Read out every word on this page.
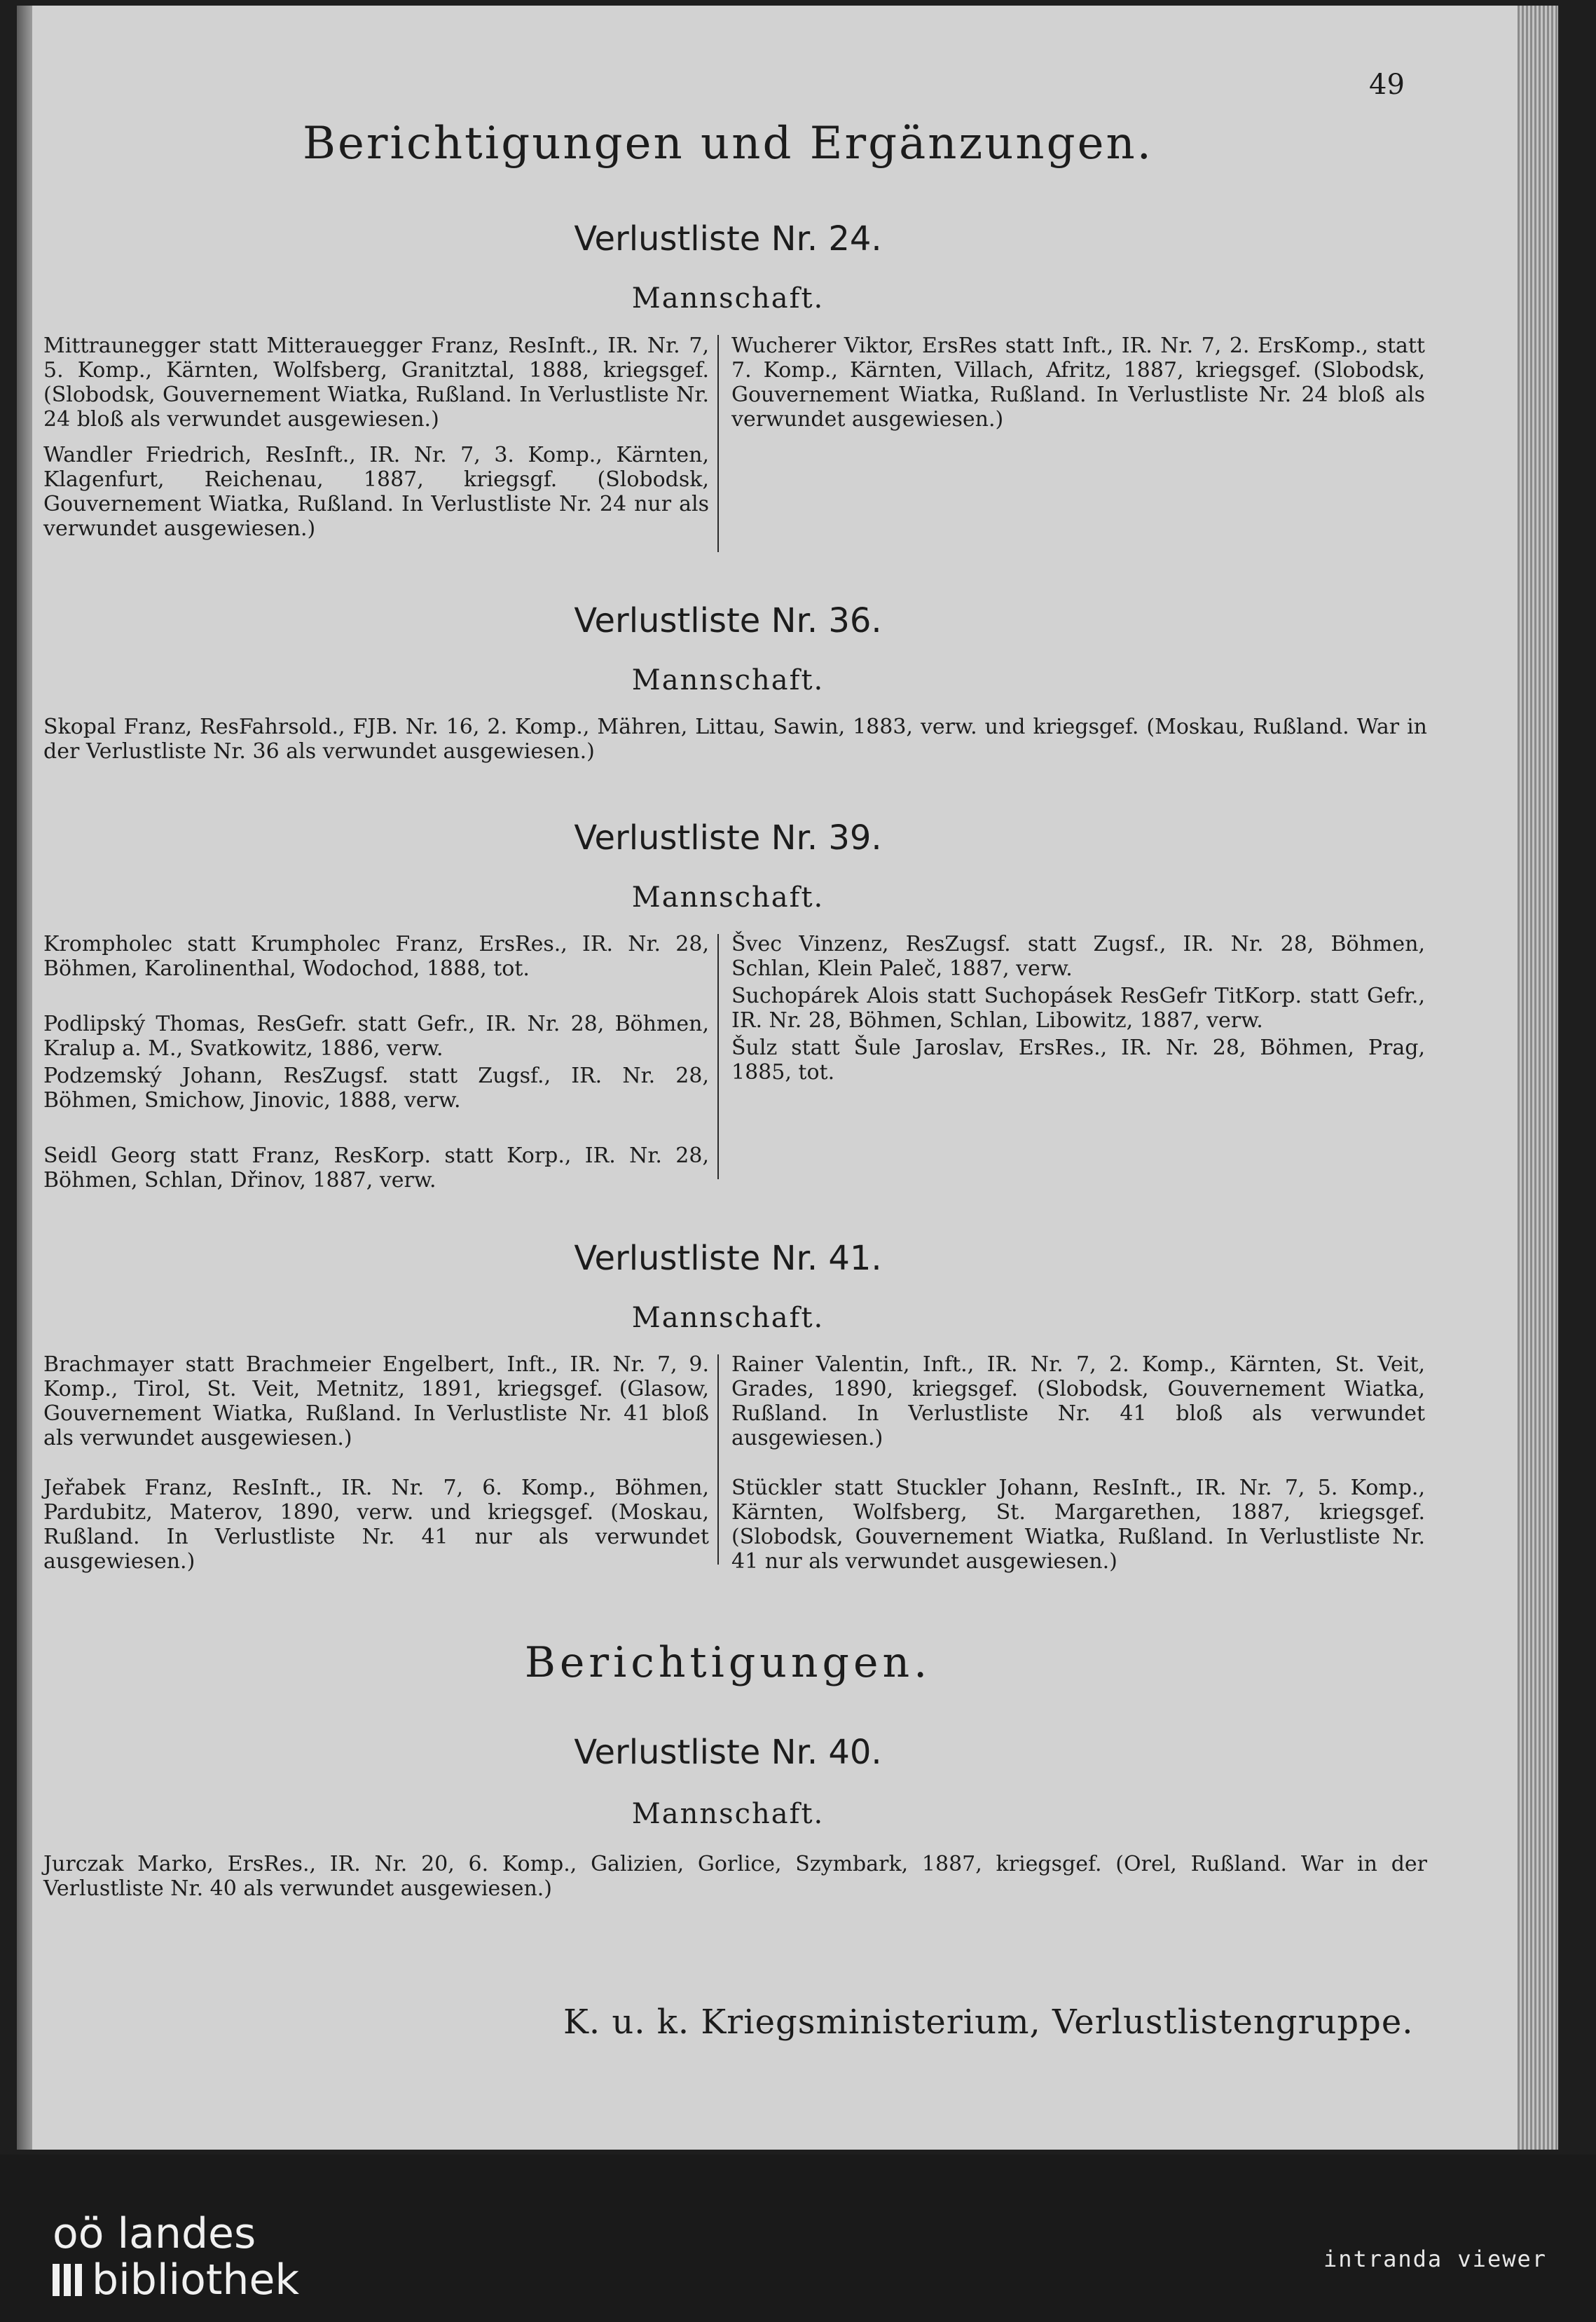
49
Berichtigungen und Ergänzungen.
Verlustliste Nr. 24.
Mannschaft.

Mittraunegger statt Mitterauegger Franz, ResInft., IR. Nr. 7, 5. Komp., Kärnten, Wolfsberg, Granitztal, 1888, kriegsgef. (Slobodsk, Gouvernement Wiatka, Rußland. In Verlustliste Nr. 24 bloß als verwundet ausgewiesen.)

Wandler Friedrich, ResInft., IR. Nr. 7, 3. Komp., Kärnten, Klagenfurt, Reichenau, 1887, kriegsgf. (Slobodsk, Gouvernement Wiatka, Rußland. In Verlustliste Nr. 24 nur als verwundet ausgewiesen.)

Wucherer Viktor, ErsRes statt Inft., IR. Nr. 7, 2. ErsKomp., statt 7. Komp., Kärnten, Villach, Afritz, 1887, kriegsgef. (Slobodsk, Gouvernement Wiatka, Rußland. In Verlustliste Nr. 24 bloß als verwundet ausgewiesen.)

Verlustliste Nr. 36.
Mannschaft.
Skopal Franz, ResFahrsold., FJB. Nr. 16, 2. Komp., Mähren, Littau, Sawin, 1883, verw. und kriegsgef. (Moskau, Rußland. War in der Verlustliste Nr. 36 als verwundet ausgewiesen.)
Verlustliste Nr. 39.
Mannschaft.

Krompholec statt Krumpholec Franz, ErsRes., IR. Nr. 28, Böhmen, Karolinenthal, Wodochod, 1888, tot.

Podlipský Thomas, ResGefr. statt Gefr., IR. Nr. 28, Böhmen, Kralup a. M., Svatkowitz, 1886, verw.

Podzemský Johann, ResZugsf. statt Zugsf., IR. Nr. 28, Böhmen, Smichow, Jinovic, 1888, verw.

Seidl Georg statt Franz, ResKorp. statt Korp., IR. Nr. 28, Böhmen, Schlan, Dřinov, 1887, verw.

Švec Vinzenz, ResZugsf. statt Zugsf., IR. Nr. 28, Böhmen, Schlan, Klein Paleč, 1887, verw.

Suchopárek Alois statt Suchopásek ResGefr TitKorp. statt Gefr., IR. Nr. 28, Böhmen, Schlan, Libowitz, 1887, verw.

Šulz statt Šule Jaroslav, ErsRes., IR. Nr. 28, Böhmen, Prag, 1885, tot.

Verlustliste Nr. 41.
Mannschaft.

Brachmayer statt Brachmeier Engelbert, Inft., IR. Nr. 7, 9. Komp., Tirol, St. Veit, Metnitz, 1891, kriegsgef. (Glasow, Gouvernement Wiatka, Rußland. In Verlustliste Nr. 41 bloß als verwundet ausgewiesen.)

Jeřabek Franz, ResInft., IR. Nr. 7, 6. Komp., Böhmen, Pardubitz, Materov, 1890, verw. und kriegsgef. (Moskau, Rußland. In Verlustliste Nr. 41 nur als verwundet ausgewiesen.)

Rainer Valentin, Inft., IR. Nr. 7, 2. Komp., Kärnten, St. Veit, Grades, 1890, kriegsgef. (Slobodsk, Gouvernement Wiatka, Rußland. In Verlustliste Nr. 41 bloß als verwundet ausgewiesen.)

Stückler statt Stuckler Johann, ResInft., IR. Nr. 7, 5. Komp., Kärnten, Wolfsberg, St. Margarethen, 1887, kriegsgef. (Slobodsk, Gouvernement Wiatka, Rußland. In Verlustliste Nr. 41 nur als verwundet ausgewiesen.)

Berichtigungen.
Verlustliste Nr. 40.
Mannschaft.
Jurczak Marko, ErsRes., IR. Nr. 20, 6. Komp., Galizien, Gorlice, Szymbark, 1887, kriegsgef. (Orel, Rußland. War in der Verlustliste Nr. 40 als verwundet ausgewiesen.)
K. u. k. Kriegsministerium, Verlustlistengruppe.
oö landes
bibliothek	intranda viewer
